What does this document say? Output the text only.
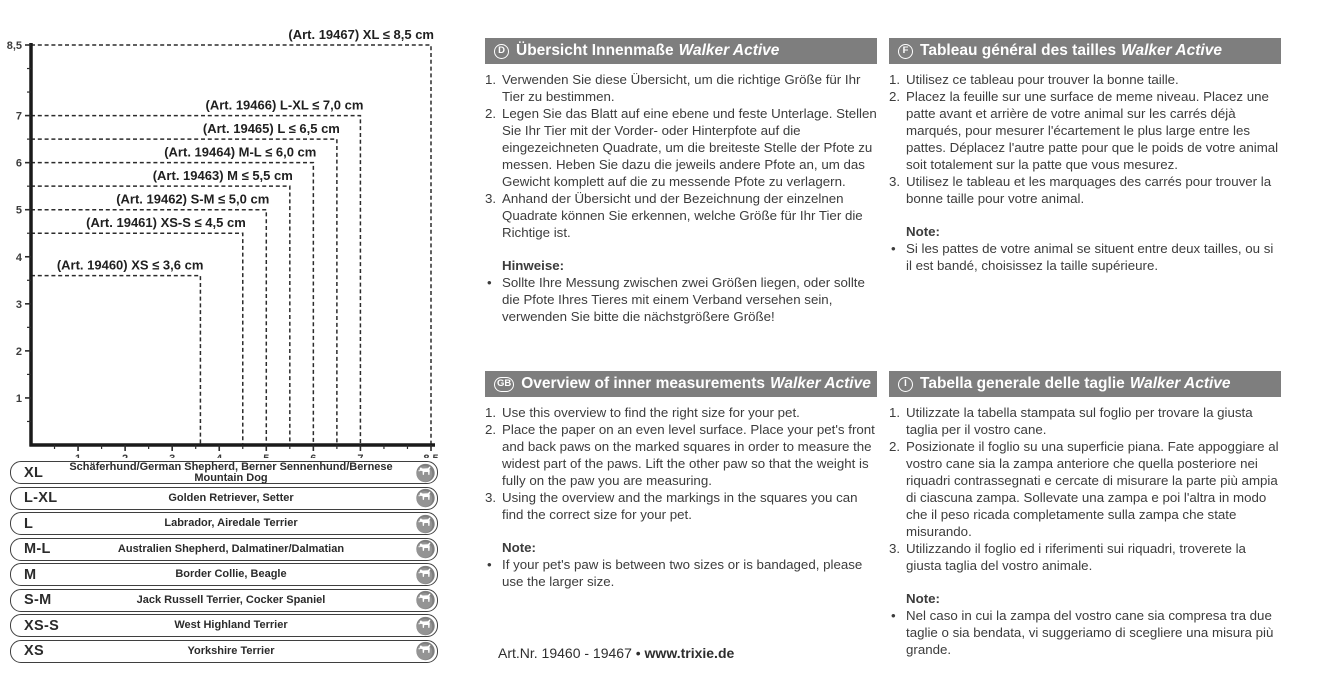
(Art. 19467) XL ≤ 8,5 cm
(Art. 19466) L-XL ≤ 7,0 cm
(Art. 19465) L ≤ 6,5 cm
(Art. 19464) M-L ≤ 6,0 cm
(Art. 19463) M ≤ 5,5 cm
(Art. 19462) S-M ≤ 5,0 cm
(Art. 19461) XS-S ≤ 4,5 cm
(Art. 19460) XS ≤ 3,6 cm
1
2
3
4
5
6
7
8,5
XL	Schäferhund/German Shepherd, Berner Sennenhund/Bernese Mountain Dog
L-XL	Golden Retriever, Setter
L	Labrador, Airedale Terrier
M-L	Australien Shepherd, Dalmatiner/Dalmatian
M	Border Collie, Beagle
S-M	Jack Russell Terrier, Cocker Spaniel
XS-S	West Highland Terrier
XS	Yorkshire Terrier
D Übersicht Innenmaße Walker Active
1. Verwenden Sie diese Übersicht, um die richtige Größe für Ihr Tier zu bestimmen.
2. Legen Sie das Blatt auf eine ebene und feste Unterlage. Stellen Sie Ihr Tier mit der Vorder- oder Hinterpfote auf die eingezeichneten Quadrate, um die breiteste Stelle der Pfote zu messen. Heben Sie dazu die jeweils andere Pfote an, um das Gewicht komplett auf die zu messende Pfote zu verlagern.
3. Anhand der Übersicht und der Bezeichnung der einzelnen Quadrate können Sie erkennen, welche Größe für Ihr Tier die Richtige ist.
Hinweise:
• Sollte Ihre Messung zwischen zwei Größen liegen, oder sollte die Pfote Ihres Tieres mit einem Verband versehen sein, verwenden Sie bitte die nächstgrößere Größe!
F Tableau général des tailles Walker Active
1. Utilisez ce tableau pour trouver la bonne taille.
2. Placez la feuille sur une surface de meme niveau. Placez une patte avant et arrière de votre animal sur les carrés déjà marqués, pour mesurer l'écartement le plus large entre les pattes. Déplacez l'autre patte pour que le poids de votre animal soit totalement sur la patte que vous mesurez.
3. Utilisez le tableau et les marquages des carrés pour trouver la bonne taille pour votre animal.
Note:
• Si les pattes de votre animal se situent entre deux tailles, ou si il est bandé, choisissez la taille supérieure.
GB Overview of inner measurements Walker Active
1. Use this overview to find the right size for your pet.
2. Place the paper on an even level surface. Place your pet's front and back paws on the marked squares in order to measure the widest part of the paws. Lift the other paw so that the weight is fully on the paw you are measuring.
3. Using the overview and the markings in the squares you can find the correct size for your pet.
Note:
• If your pet's paw is between two sizes or is bandaged, please use the larger size.
I Tabella generale delle taglie Walker Active
1. Utilizzate la tabella stampata sul foglio per trovare la giusta taglia per il vostro cane.
2. Posizionate il foglio su una superficie piana. Fate appoggiare al vostro cane sia la zampa anteriore che quella posteriore nei riquadri contrassegnati e cercate di misurare la parte più ampia di ciascuna zampa. Sollevate una zampa e poi l'altra in modo che il peso ricada completamente sulla zampa che state misurando.
3. Utilizzando il foglio ed i riferimenti sui riquadri, troverete la giusta taglia del vostro animale.
Note:
• Nel caso in cui la zampa del vostro cane sia compresa tra due taglie o sia bendata, vi suggeriamo di scegliere una misura più grande.
Art.Nr. 19460 - 19467 • www.trixie.de
